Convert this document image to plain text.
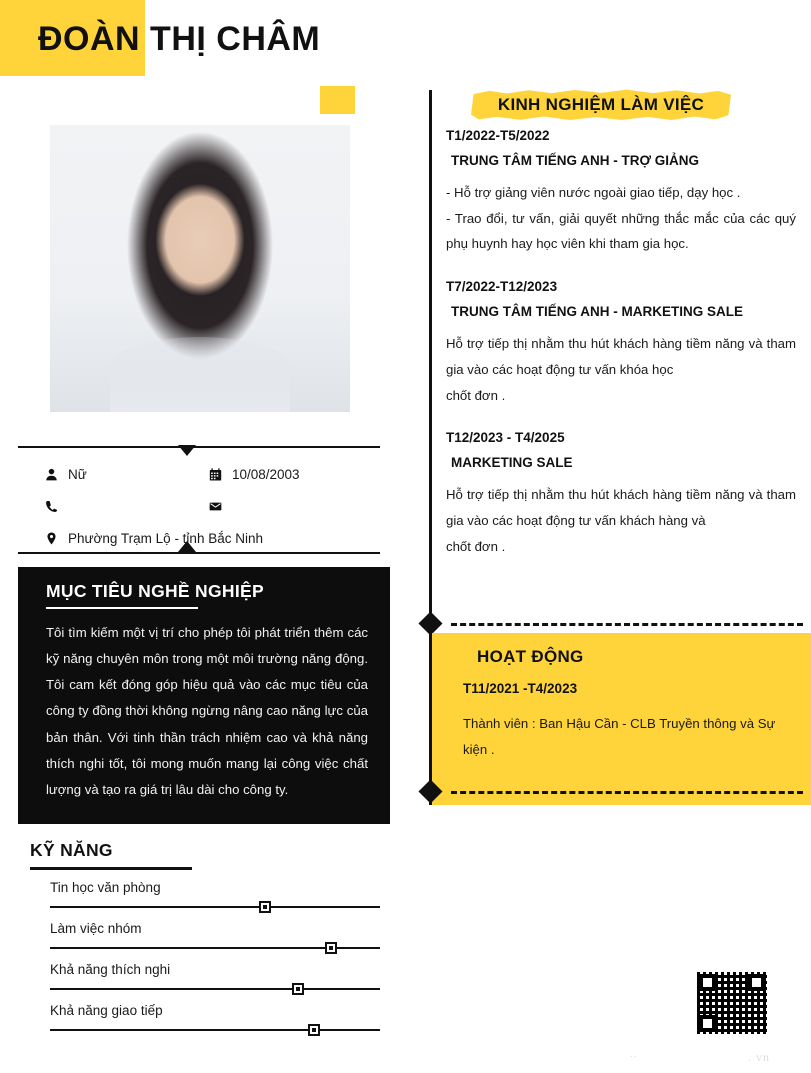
ĐOÀN THỊ CHÂM
Nữ	10/08/2003
Phường Trạm Lộ - tỉnh Bắc Ninh
MỤC TIÊU NGHỀ NGHIỆP
Tôi tìm kiếm một vị trí cho phép tôi phát triển thêm các kỹ năng chuyên môn trong một môi trường năng động. Tôi cam kết đóng góp hiệu quả vào các mục tiêu của công ty đồng thời không ngừng nâng cao năng lực của bản thân. Với tinh thần trách nhiệm cao và khả năng thích nghi tốt, tôi mong muốn mang lại công việc chất lượng và tạo ra giá trị lâu dài cho công ty.
KỸ NĂNG
Tin học văn phòng
Làm việc nhóm
Khả năng thích nghi
Khả năng giao tiếp
KINH NGHIỆM LÀM VIỆC
T1/2022-T5/2022
TRUNG TÂM TIẾNG ANH - TRỢ GIẢNG
- Hỗ trợ giảng viên nước ngoài giao tiếp, dạy học .
- Trao đổi, tư vấn, giải quyết những thắc mắc của các quý phụ huynh hay học viên khi tham gia học.
T7/2022-T12/2023
TRUNG TÂM TIẾNG ANH - MARKETING SALE
Hỗ trợ tiếp thị nhằm thu hút khách hàng tiềm năng và tham gia vào các hoạt động tư vấn khóa học
chốt đơn .
T12/2023 - T4/2025
MARKETING SALE
Hỗ trợ tiếp thị nhằm thu hút khách hàng tiềm năng và tham gia vào các hoạt động tư vấn khách hàng và
chốt đơn .
HOẠT ĐỘNG
T11/2021 -T4/2023
Thành viên : Ban Hậu Cần - CLB Truyền thông và Sự kiện .
..	. vn
